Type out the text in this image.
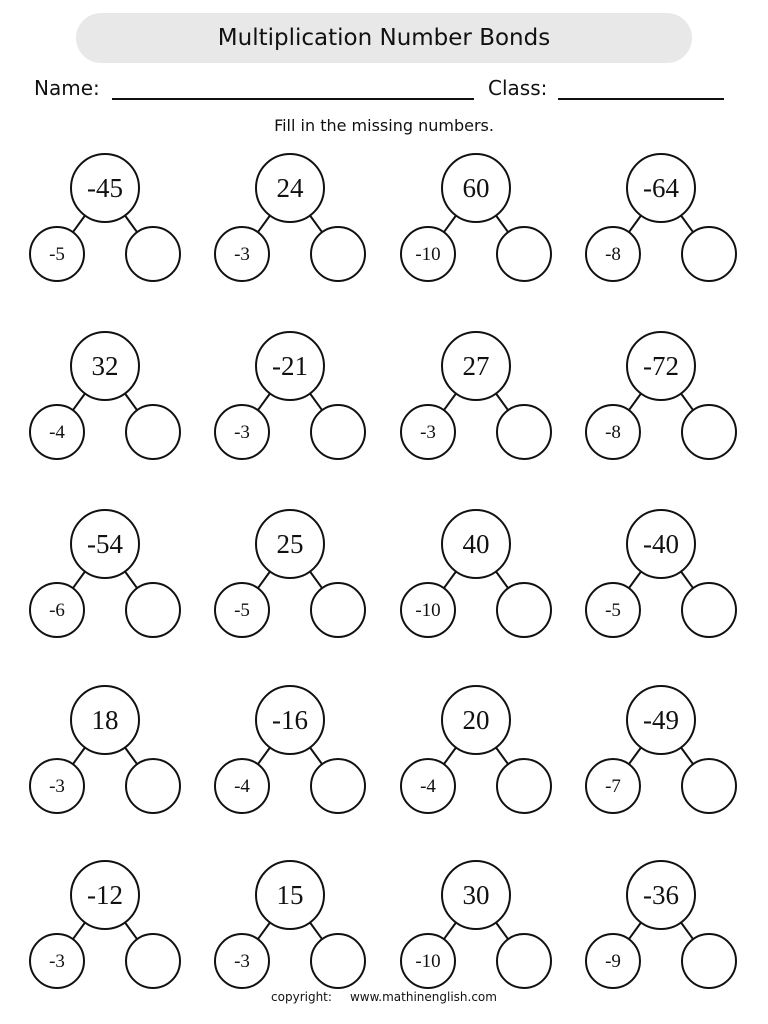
Multiplication Number Bonds
Name:	Class:
Fill in the missing numbers.
-45
-5
24
-3
60
-10
-64
-8
32
-4
-21
-3
27
-3
-72
-8
-54
-6
25
-5
40
-10
-40
-5
18
-3
-16
-4
20
-4
-49
-7
-12
-3
15
-3
30
-10
-36
-9
copyright: www.mathinenglish.com
